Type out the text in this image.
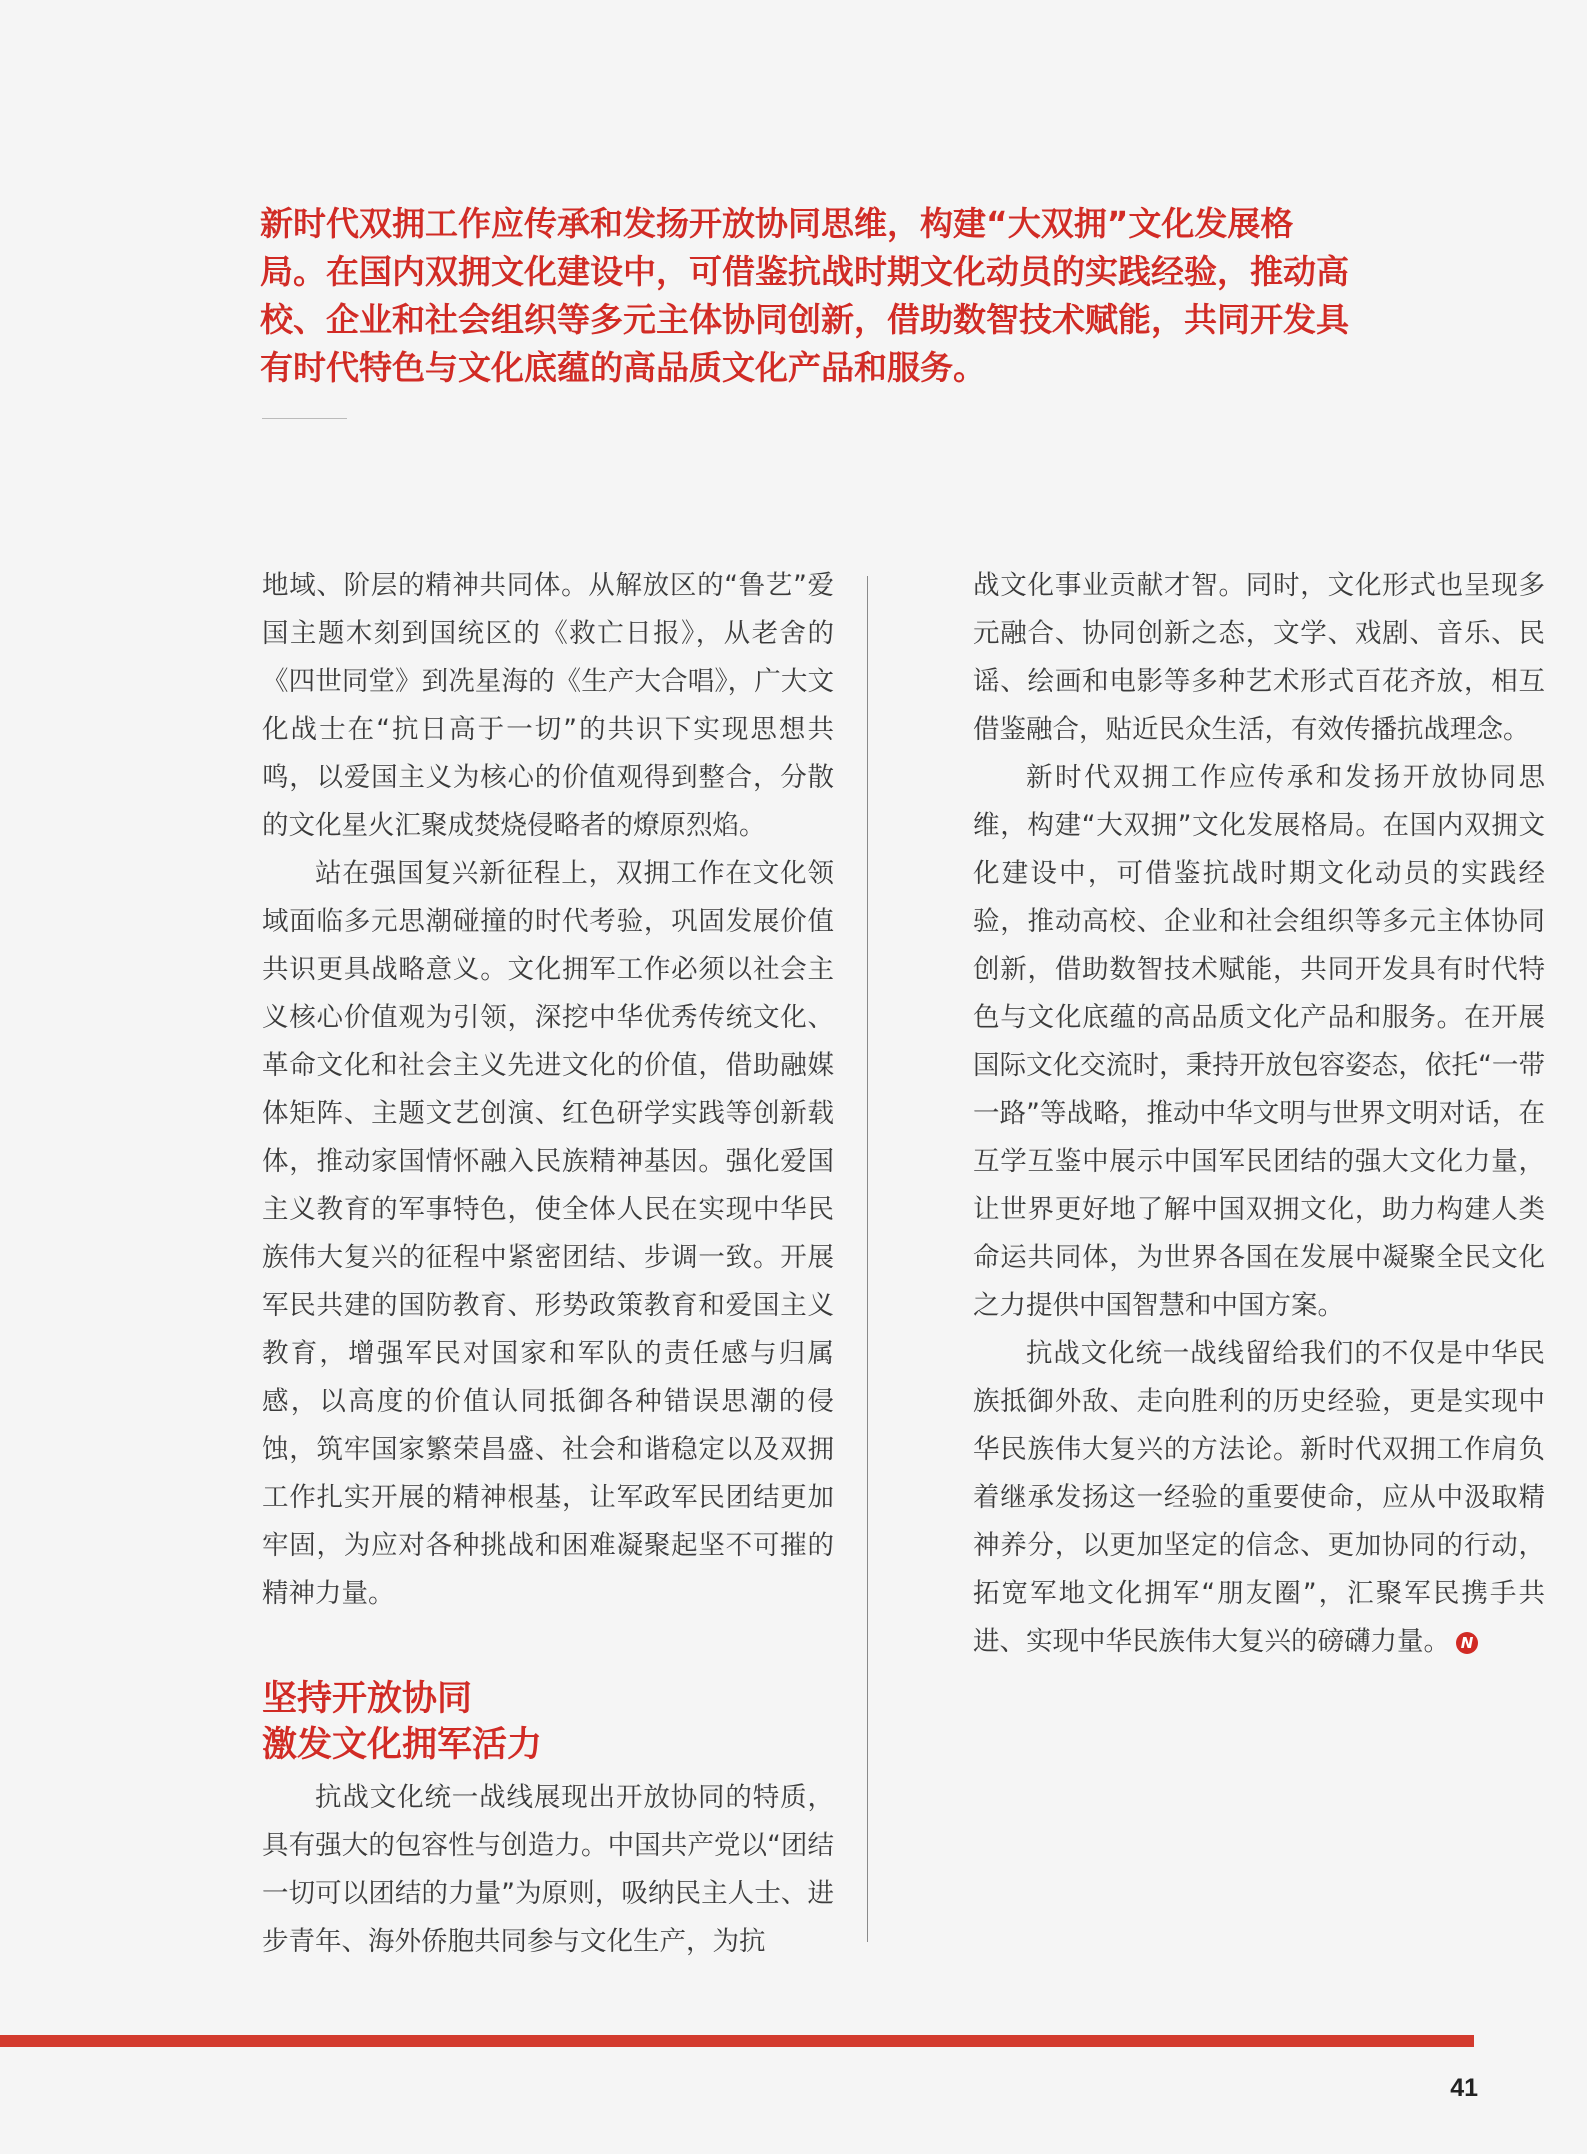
新时代双拥工作应传承和发扬开放协同思维，构建“大双拥”文化发展格局。在国内双拥文化建设中，可借鉴抗战时期文化动员的实践经验，推动高校、企业和社会组织等多元主体协同创新，借助数智技术赋能，共同开发具有时代特色与文化底蕴的高品质文化产品和服务。

地域、阶层的精神共同体。从解放区的“鲁艺”爱国主题木刻到国统区的《救亡日报》，从老舍的《四世同堂》到冼星海的《生产大合唱》，广大文化战士在“抗日高于一切”的共识下实现思想共鸣，以爱国主义为核心的价值观得到整合，分散的文化星火汇聚成焚烧侵略者的燎原烈焰。

站在强国复兴新征程上，双拥工作在文化领域面临多元思潮碰撞的时代考验，巩固发展价值共识更具战略意义。文化拥军工作必须以社会主义核心价值观为引领，深挖中华优秀传统文化、革命文化和社会主义先进文化的价值，借助融媒体矩阵、主题文艺创演、红色研学实践等创新载体，推动家国情怀融入民族精神基因。强化爱国主义教育的军事特色，使全体人民在实现中华民族伟大复兴的征程中紧密团结、步调一致。开展军民共建的国防教育、形势政策教育和爱国主义教育，增强军民对国家和军队的责任感与归属感，以高度的价值认同抵御各种错误思潮的侵蚀，筑牢国家繁荣昌盛、社会和谐稳定以及双拥工作扎实开展的精神根基，让军政军民团结更加牢固，为应对各种挑战和困难凝聚起坚不可摧的精神力量。

坚持开放协同
激发文化拥军活力

抗战文化统一战线展现出开放协同的特质，具有强大的包容性与创造力。中国共产党以“团结一切可以团结的力量”为原则，吸纳民主人士、进步青年、海外侨胞共同参与文化生产，为抗

战文化事业贡献才智。同时，文化形式也呈现多元融合、协同创新之态，文学、戏剧、音乐、民谣、绘画和电影等多种艺术形式百花齐放，相互借鉴融合，贴近民众生活，有效传播抗战理念。

新时代双拥工作应传承和发扬开放协同思维，构建“大双拥”文化发展格局。在国内双拥文化建设中，可借鉴抗战时期文化动员的实践经验，推动高校、企业和社会组织等多元主体协同创新，借助数智技术赋能，共同开发具有时代特色与文化底蕴的高品质文化产品和服务。在开展国际文化交流时，秉持开放包容姿态，依托“一带一路”等战略，推动中华文明与世界文明对话，在互学互鉴中展示中国军民团结的强大文化力量，让世界更好地了解中国双拥文化，助力构建人类命运共同体，为世界各国在发展中凝聚全民文化之力提供中国智慧和中国方案。

抗战文化统一战线留给我们的不仅是中华民族抵御外敌、走向胜利的历史经验，更是实现中华民族伟大复兴的方法论。新时代双拥工作肩负着继承发扬这一经验的重要使命，应从中汲取精神养分，以更加坚定的信念、更加协同的行动，拓宽军地文化拥军“朋友圈”，汇聚军民携手共进、实现中华民族伟大复兴的磅礴力量。 N

41
